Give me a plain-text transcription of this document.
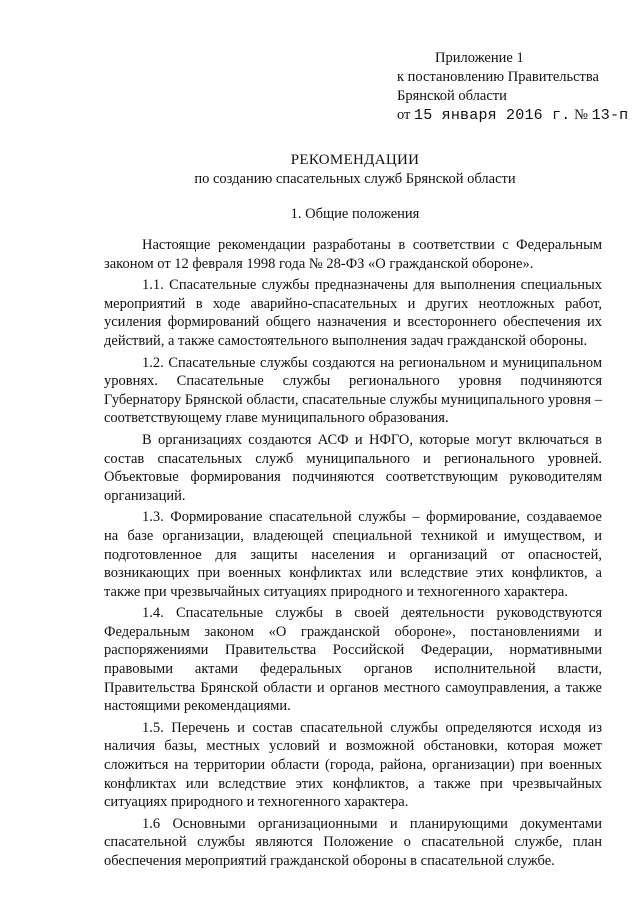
Приложение 1
к постановлению Правительства
Брянской области
от 15 января 2016 г. № 13-п
РЕКОМЕНДАЦИИ
по созданию спасательных служб Брянской области
1. Общие положения

Настоящие рекомендации разработаны в соответствии с Федеральным законом от 12 февраля 1998 года № 28-ФЗ «О гражданской обороне».

1.1. Спасательные службы предназначены для выполнения специальных мероприятий в ходе аварийно-спасательных и других неотложных работ, усиления формирований общего назначения и всестороннего обеспечения их действий, а также самостоятельного выполнения задач гражданской обороны.

1.2. Спасательные службы создаются на региональном и муниципальном уровнях. Спасательные службы регионального уровня подчиняются Губернатору Брянской области, спасательные службы муниципального уровня – соответствующему главе муниципального образования.

В организациях создаются АСФ и НФГО, которые могут включаться в состав спасательных служб муниципального и регионального уровней. Объектовые формирования подчиняются соответствующим руководителям организаций.

1.3. Формирование спасательной службы – формирование, создаваемое на базе организации, владеющей специальной техникой и имуществом, и подготовленное для защиты населения и организаций от опасностей, возникающих при военных конфликтах или вследствие этих конфликтов, а также при чрезвычайных ситуациях природного и техногенного характера.

1.4. Спасательные службы в своей деятельности руководствуются Федеральным законом «О гражданской обороне», постановлениями и распоряжениями Правительства Российской Федерации, нормативными правовыми актами федеральных органов исполнительной власти, Правительства Брянской области и органов местного самоуправления, а также настоящими рекомендациями.

1.5. Перечень и состав спасательной службы определяются исходя из наличия базы, местных условий и возможной обстановки, которая может сложиться на территории области (города, района, организации) при военных конфликтах или вследствие этих конфликтов, а также при чрезвычайных ситуациях природного и техногенного характера.

1.6 Основными организационными и планирующими документами спасательной службы являются Положение о спасательной службе, план обеспечения мероприятий гражданской обороны в спасательной службе.
